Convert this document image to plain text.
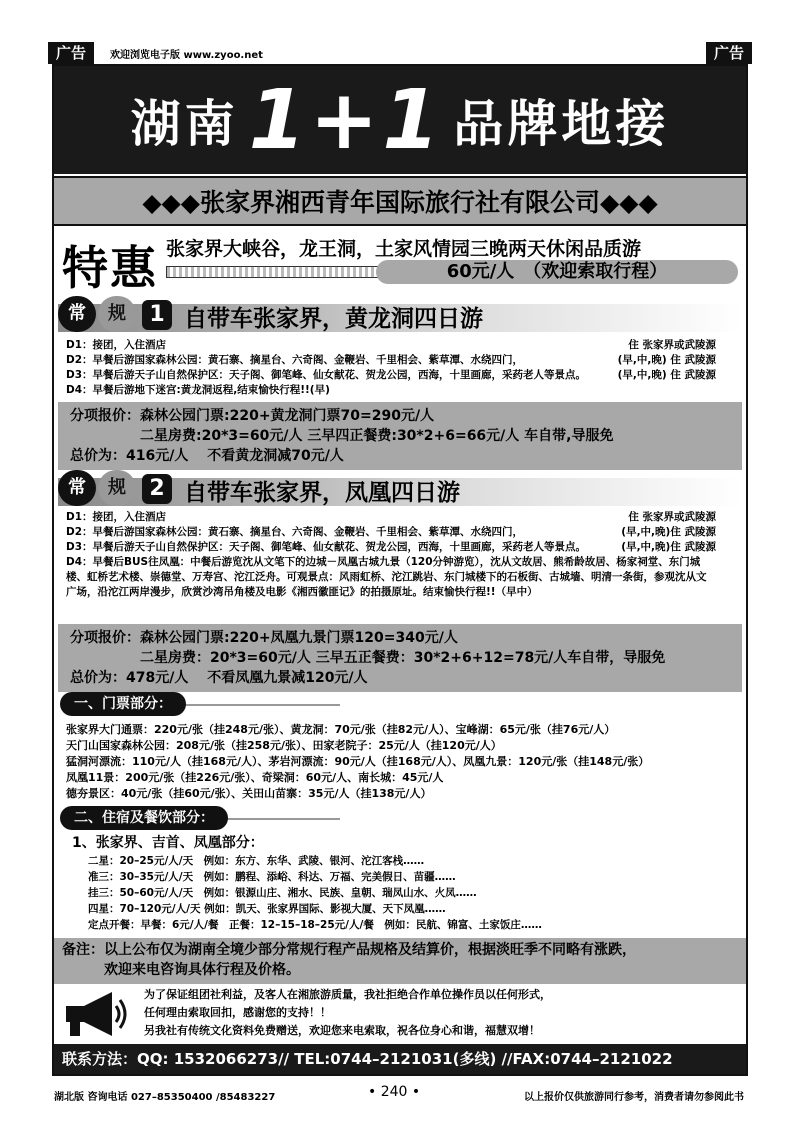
广告	欢迎浏览电子版 www.zyoo.net	广告
湖南 1+1 品牌地接
◆◆◆张家界湘西青年国际旅行社有限公司◆◆◆
特惠 张家界大峡谷，龙王洞，土家风情园三晚两天休闲品质游
60元/人　（欢迎索取行程）
常	规	1 自带车张家界，黄龙洞四日游
D1：接团，入住酒店	住 张家界或武陵源
D2：早餐后游国家森林公园：黄石寨、摘星台、六奇阁、金鞭岩、千里相会、紫草潭、水绕四门，	(早,中,晚) 住 武陵源
D3：早餐后游天子山自然保护区：天子阁、御笔峰、仙女献花、贺龙公园，西海，十里画廊，采药老人等景点。	(早,中,晚) 住 武陵源
D4：早餐后游地下迷宫:黄龙洞返程,结束愉快行程!!(早)
分项报价：森林公园门票:220+黄龙洞门票70=290元/人
　　　　　二星房费:20*3=60元/人 三早四正餐费:30*2+6=66元/人 车自带,导服免
总价为：416元/人　 不看黄龙洞减70元/人
常	规	2 自带车张家界，凤凰四日游
D1：接团，入住酒店	住 张家界或武陵源
D2：早餐后游国家森林公园：黄石寨、摘星台、六奇阁、金鞭岩、千里相会、紫草潭、水绕四门，	(早,中,晚)住 武陵源
D3：早餐后游天子山自然保护区：天子阁、御笔峰、仙女献花、贺龙公园，西海，十里画廊，采药老人等景点。	(早,中,晚)住 武陵源
D4：早餐后BUS往凤凰：中餐后游览沈从文笔下的边城－凤凰古城九景（120分钟游览），沈从文故居、熊希龄故居、杨家祠堂、东门城楼、虹桥艺术楼、崇德堂、万寿宫、沱江泛舟。可观景点：风雨虹桥、沱江跳岩、东门城楼下的石板街、古城墙、明清一条街，参观沈从文广场，沿沱江两岸漫步，欣赏沙湾吊角楼及电影《湘西徽匪记》的拍摄原址。结束愉快行程!!（早中）
分项报价：森林公园门票:220+凤凰九景门票120=340元/人
　　　　　二星房费：20*3=60元/人 三早五正餐费：30*2+6+12=78元/人车自带，导服免
总价为：478元/人　 不看凤凰九景减120元/人
一、门票部分：
张家界大门通票：220元/张（挂248元/张）、黄龙洞：70元/张（挂82元/人）、宝峰湖：65元/张（挂76元/人）
天门山国家森林公园：208元/张（挂258元/张）、田家老院子：25元/人（挂120元/人）
猛洞河漂流：110元/人（挂168元/人）、茅岩河漂流：90元/人（挂168元/人）、凤凰九景：120元/张（挂148元/张）
凤凰11景：200元/张（挂226元/张）、奇梁洞：60元/人、南长城：45元/人
德夯景区：40元/张（挂60元/张）、关田山苗寨：35元/人（挂138元/人）
二、住宿及餐饮部分：
1、张家界、吉首、凤凰部分：
二星：20–25元/人/天　例如：东方、东华、武陵、银河、沱江客栈……
准三：30–35元/人/天　例如：鹏程、添峪、科达、万福、完美假日、苗疆……
挂三：50–60元/人/天　例如：银源山庄、湘水、民族、皇朝、瑞凤山水、火凤……
四星：70–120元/人/天 例如：凯天、张家界国际、影视大厦、天下凤凰……
定点开餐：早餐：6元/人/餐　正餐：12–15–18–25元/人/餐　例如：民航、锦富、土家饭庄……
备注：以上公布仅为湖南全境少部分常规行程产品规格及结算价，根据淡旺季不同略有涨跌，
　　　欢迎来电咨询具体行程及价格。
为了保证组团社利益，及客人在湘旅游质量，我社拒绝合作单位操作员以任何形式，
任何理由索取回扣，感谢您的支持！！
另我社有传统文化资料免费赠送，欢迎您来电索取，祝各位身心和谐，福慧双增！
联系方法：QQ: 1532066273// TEL:0744–2121031(多线) //FAX:0744–2121022
湖北版 咨询电话 027–85350400 /85483227	• 240 •	以上报价仅供旅游同行参考，消费者请勿参阅此书
